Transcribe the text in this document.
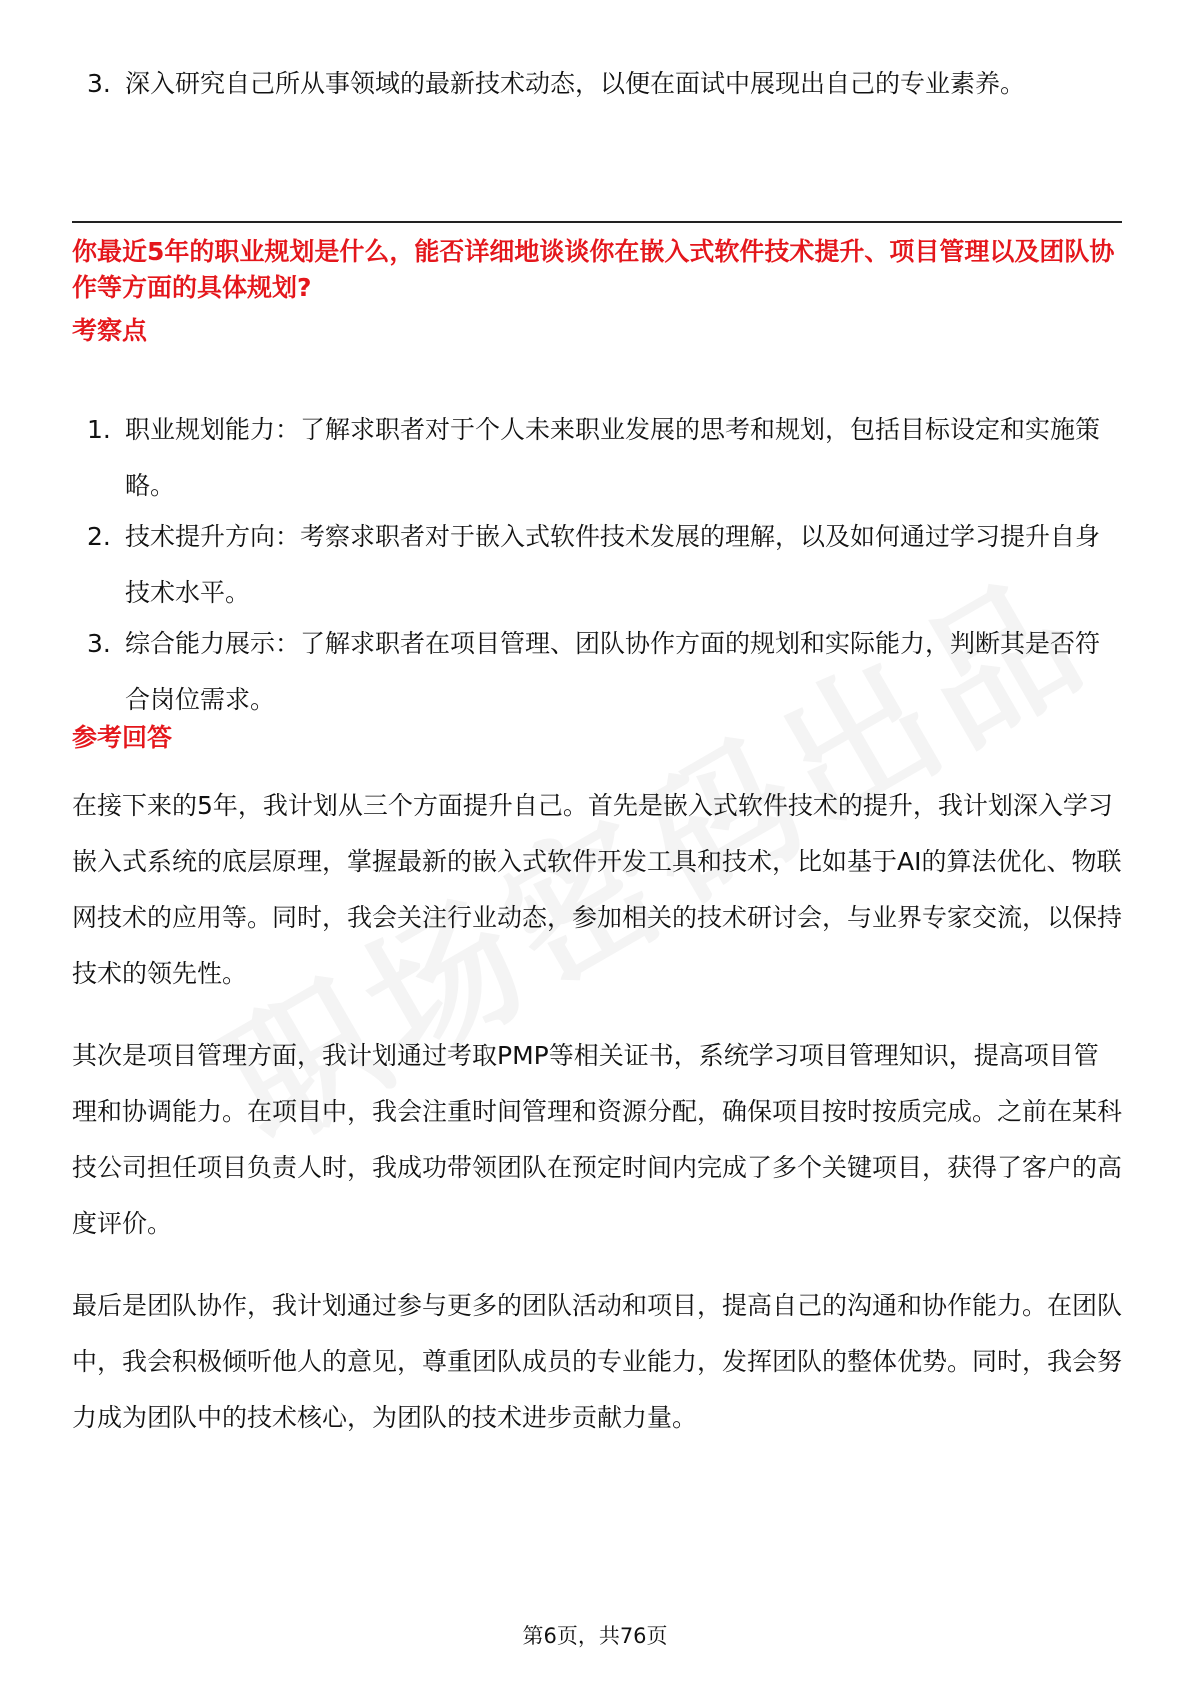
3. 深入研究自己所从事领域的最新技术动态，以便在面试中展现出自己的专业素养。
你最近5年的职业规划是什么，能否详细地谈谈你在嵌入式软件技术提升、项目管理以及团队协作等方面的具体规划?
考察点
1. 职业规划能力：了解求职者对于个人未来职业发展的思考和规划，包括目标设定和实施策略。
2. 技术提升方向：考察求职者对于嵌入式软件技术发展的理解，以及如何通过学习提升自身技术水平。
3. 综合能力展示：了解求职者在项目管理、团队协作方面的规划和实际能力，判断其是否符合岗位需求。
参考回答

在接下来的5年，我计划从三个方面提升自己。首先是嵌入式软件技术的提升，我计划深入学习嵌入式系统的底层原理，掌握最新的嵌入式软件开发工具和技术，比如基于AI的算法优化、物联网技术的应用等。同时，我会关注行业动态，参加相关的技术研讨会，与业界专家交流，以保持技术的领先性。

其次是项目管理方面，我计划通过考取PMP等相关证书，系统学习项目管理知识，提高项目管理和协调能力。在项目中，我会注重时间管理和资源分配，确保项目按时按质完成。之前在某科技公司担任项目负责人时，我成功带领团队在预定时间内完成了多个关键项目，获得了客户的高度评价。

最后是团队协作，我计划通过参与更多的团队活动和项目，提高自己的沟通和协作能力。在团队中，我会积极倾听他人的意见，尊重团队成员的专业能力，发挥团队的整体优势。同时，我会努力成为团队中的技术核心，为团队的技术进步贡献力量。

第6页，共76页
